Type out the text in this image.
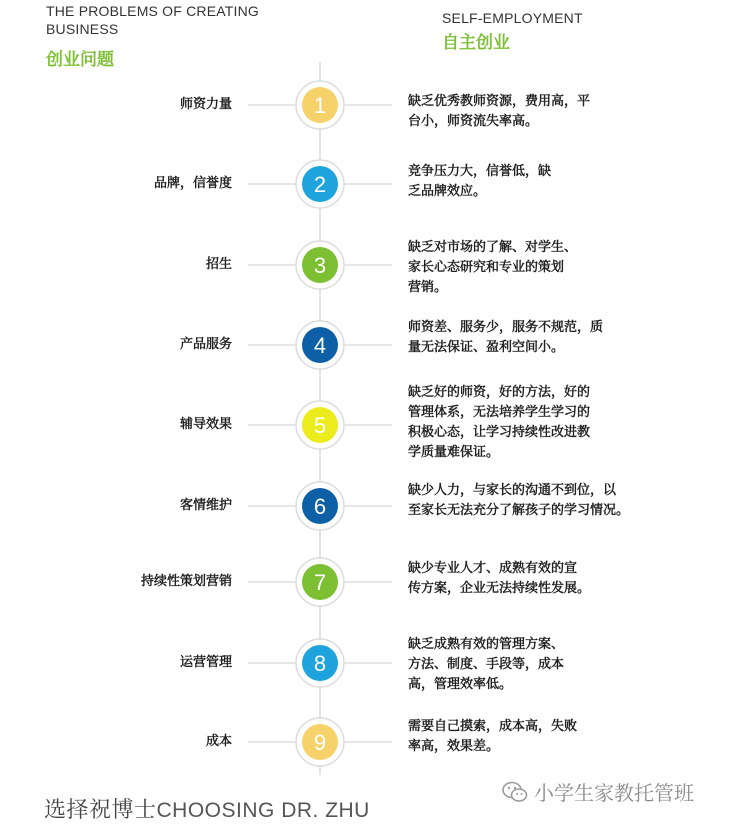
THE PROBLEMS OF CREATING BUSINESS
创业问题
SELF-EMPLOYMENT
自主创业
1
2
3
4
5
6
7
8
9
师资力量	缺乏优秀教师资源，费用高，平
台小，师资流失率高。
品牌，信誉度
竞争压力大，信誉低，缺
乏品牌效应。
招生
缺乏对市场的了解、对学生、
家长心态研究和专业的策划
营销。
产品服务
师资差、服务少，服务不规范，质
量无法保证、盈利空间小。
辅导效果
缺乏好的师资，好的方法，好的
管理体系，无法培养学生学习的
积极心态，让学习持续性改进教
学质量难保证。
客情维护
缺少人力，与家长的沟通不到位，以
至家长无法充分了解孩子的学习情况。
持续性策划营销
缺少专业人才、成熟有效的宣
传方案，企业无法持续性发展。
运营管理
缺乏成熟有效的管理方案、
方法、制度、手段等，成本
高，管理效率低。
成本
需要自己摸索，成本高，失败
率高，效果差。
选择祝博士CHOOSING DR. ZHU
小学生家教托管班
